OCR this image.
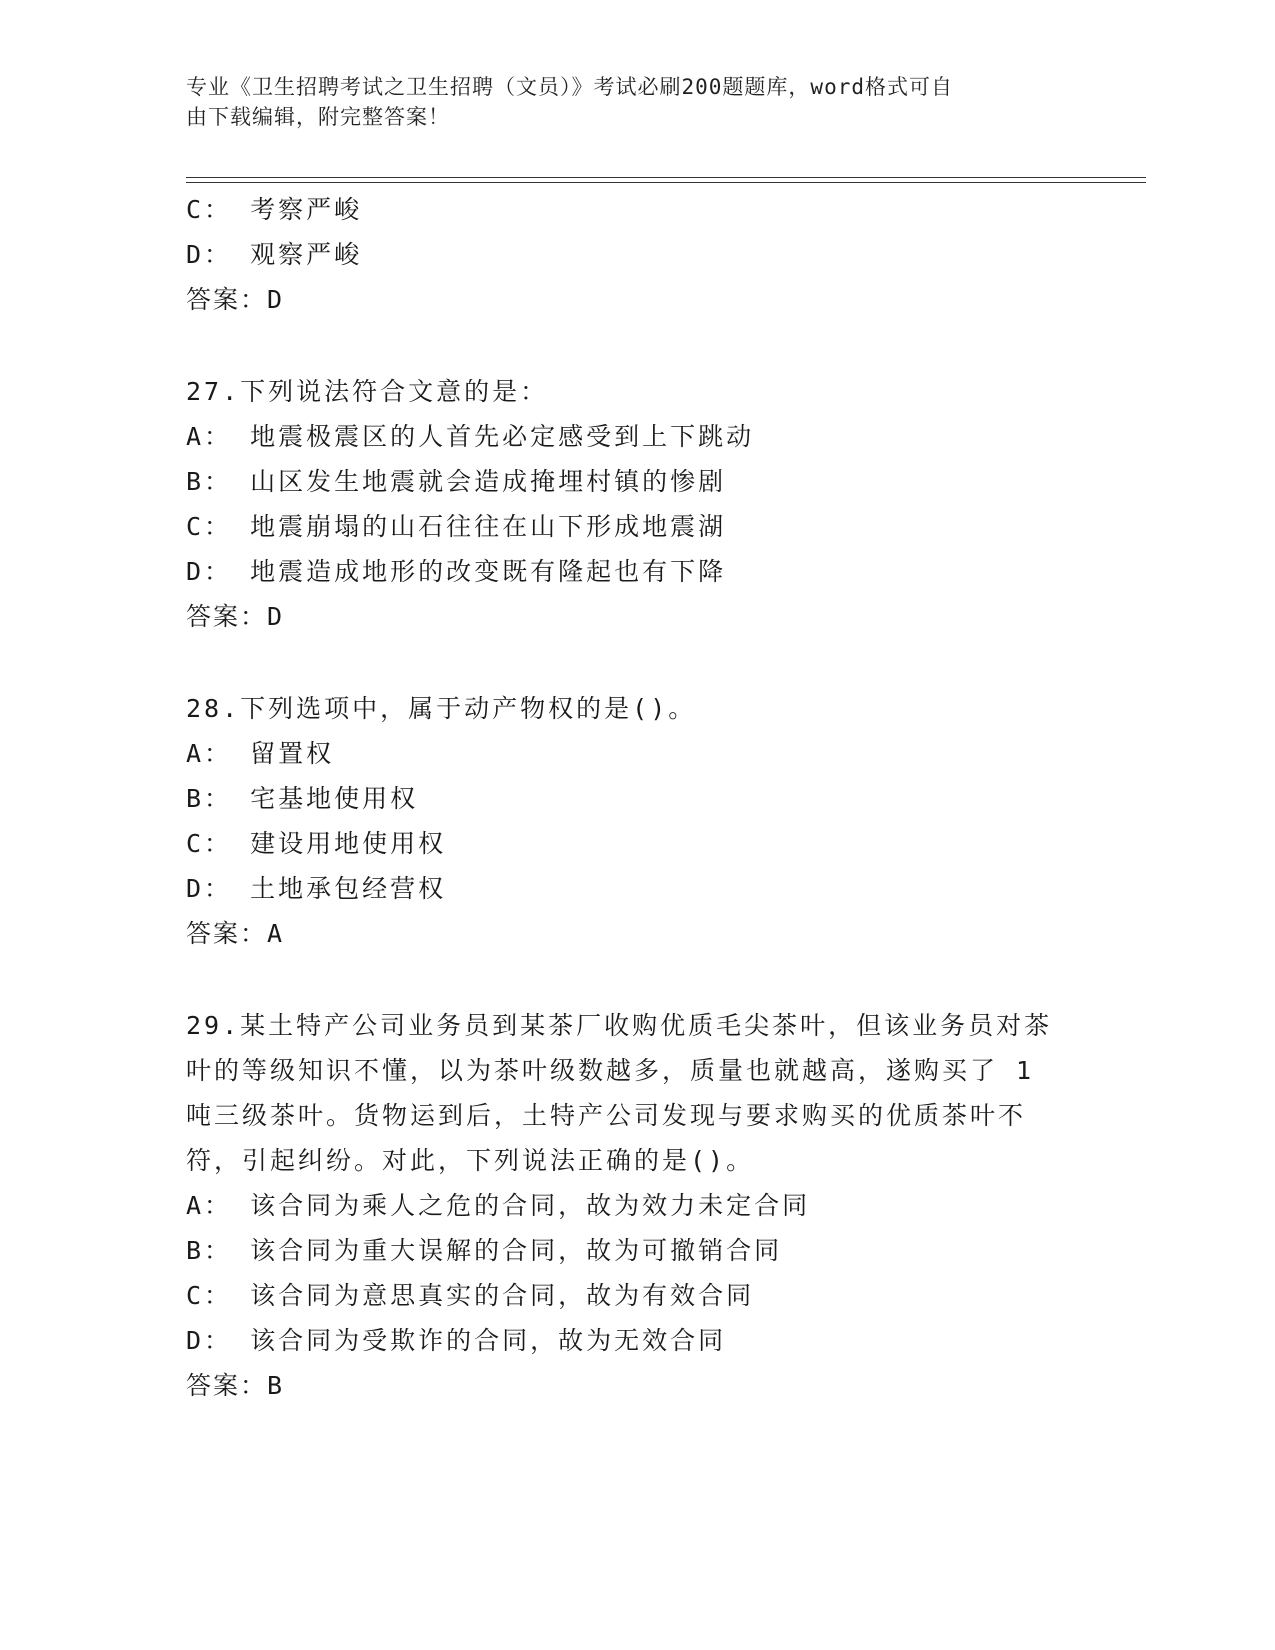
专业《卫生招聘考试之卫生招聘（文员）》考试必刷200题题库，word格式可自
由下载编辑，附完整答案！
C： 考察严峻
D： 观察严峻
答案：D
27.下列说法符合文意的是：
A： 地震极震区的人首先必定感受到上下跳动
B： 山区发生地震就会造成掩埋村镇的惨剧
C： 地震崩塌的山石往往在山下形成地震湖
D： 地震造成地形的改变既有隆起也有下降
答案：D
28.下列选项中，属于动产物权的是()。
A： 留置权
B： 宅基地使用权
C： 建设用地使用权
D： 土地承包经营权
答案：A
29.某土特产公司业务员到某茶厂收购优质毛尖茶叶，但该业务员对茶
叶的等级知识不懂，以为茶叶级数越多，质量也就越高，遂购买了 1
吨三级茶叶。货物运到后，土特产公司发现与要求购买的优质茶叶不
符，引起纠纷。对此，下列说法正确的是()。
A： 该合同为乘人之危的合同，故为效力未定合同
B： 该合同为重大误解的合同，故为可撤销合同
C： 该合同为意思真实的合同，故为有效合同
D： 该合同为受欺诈的合同，故为无效合同
答案：B
